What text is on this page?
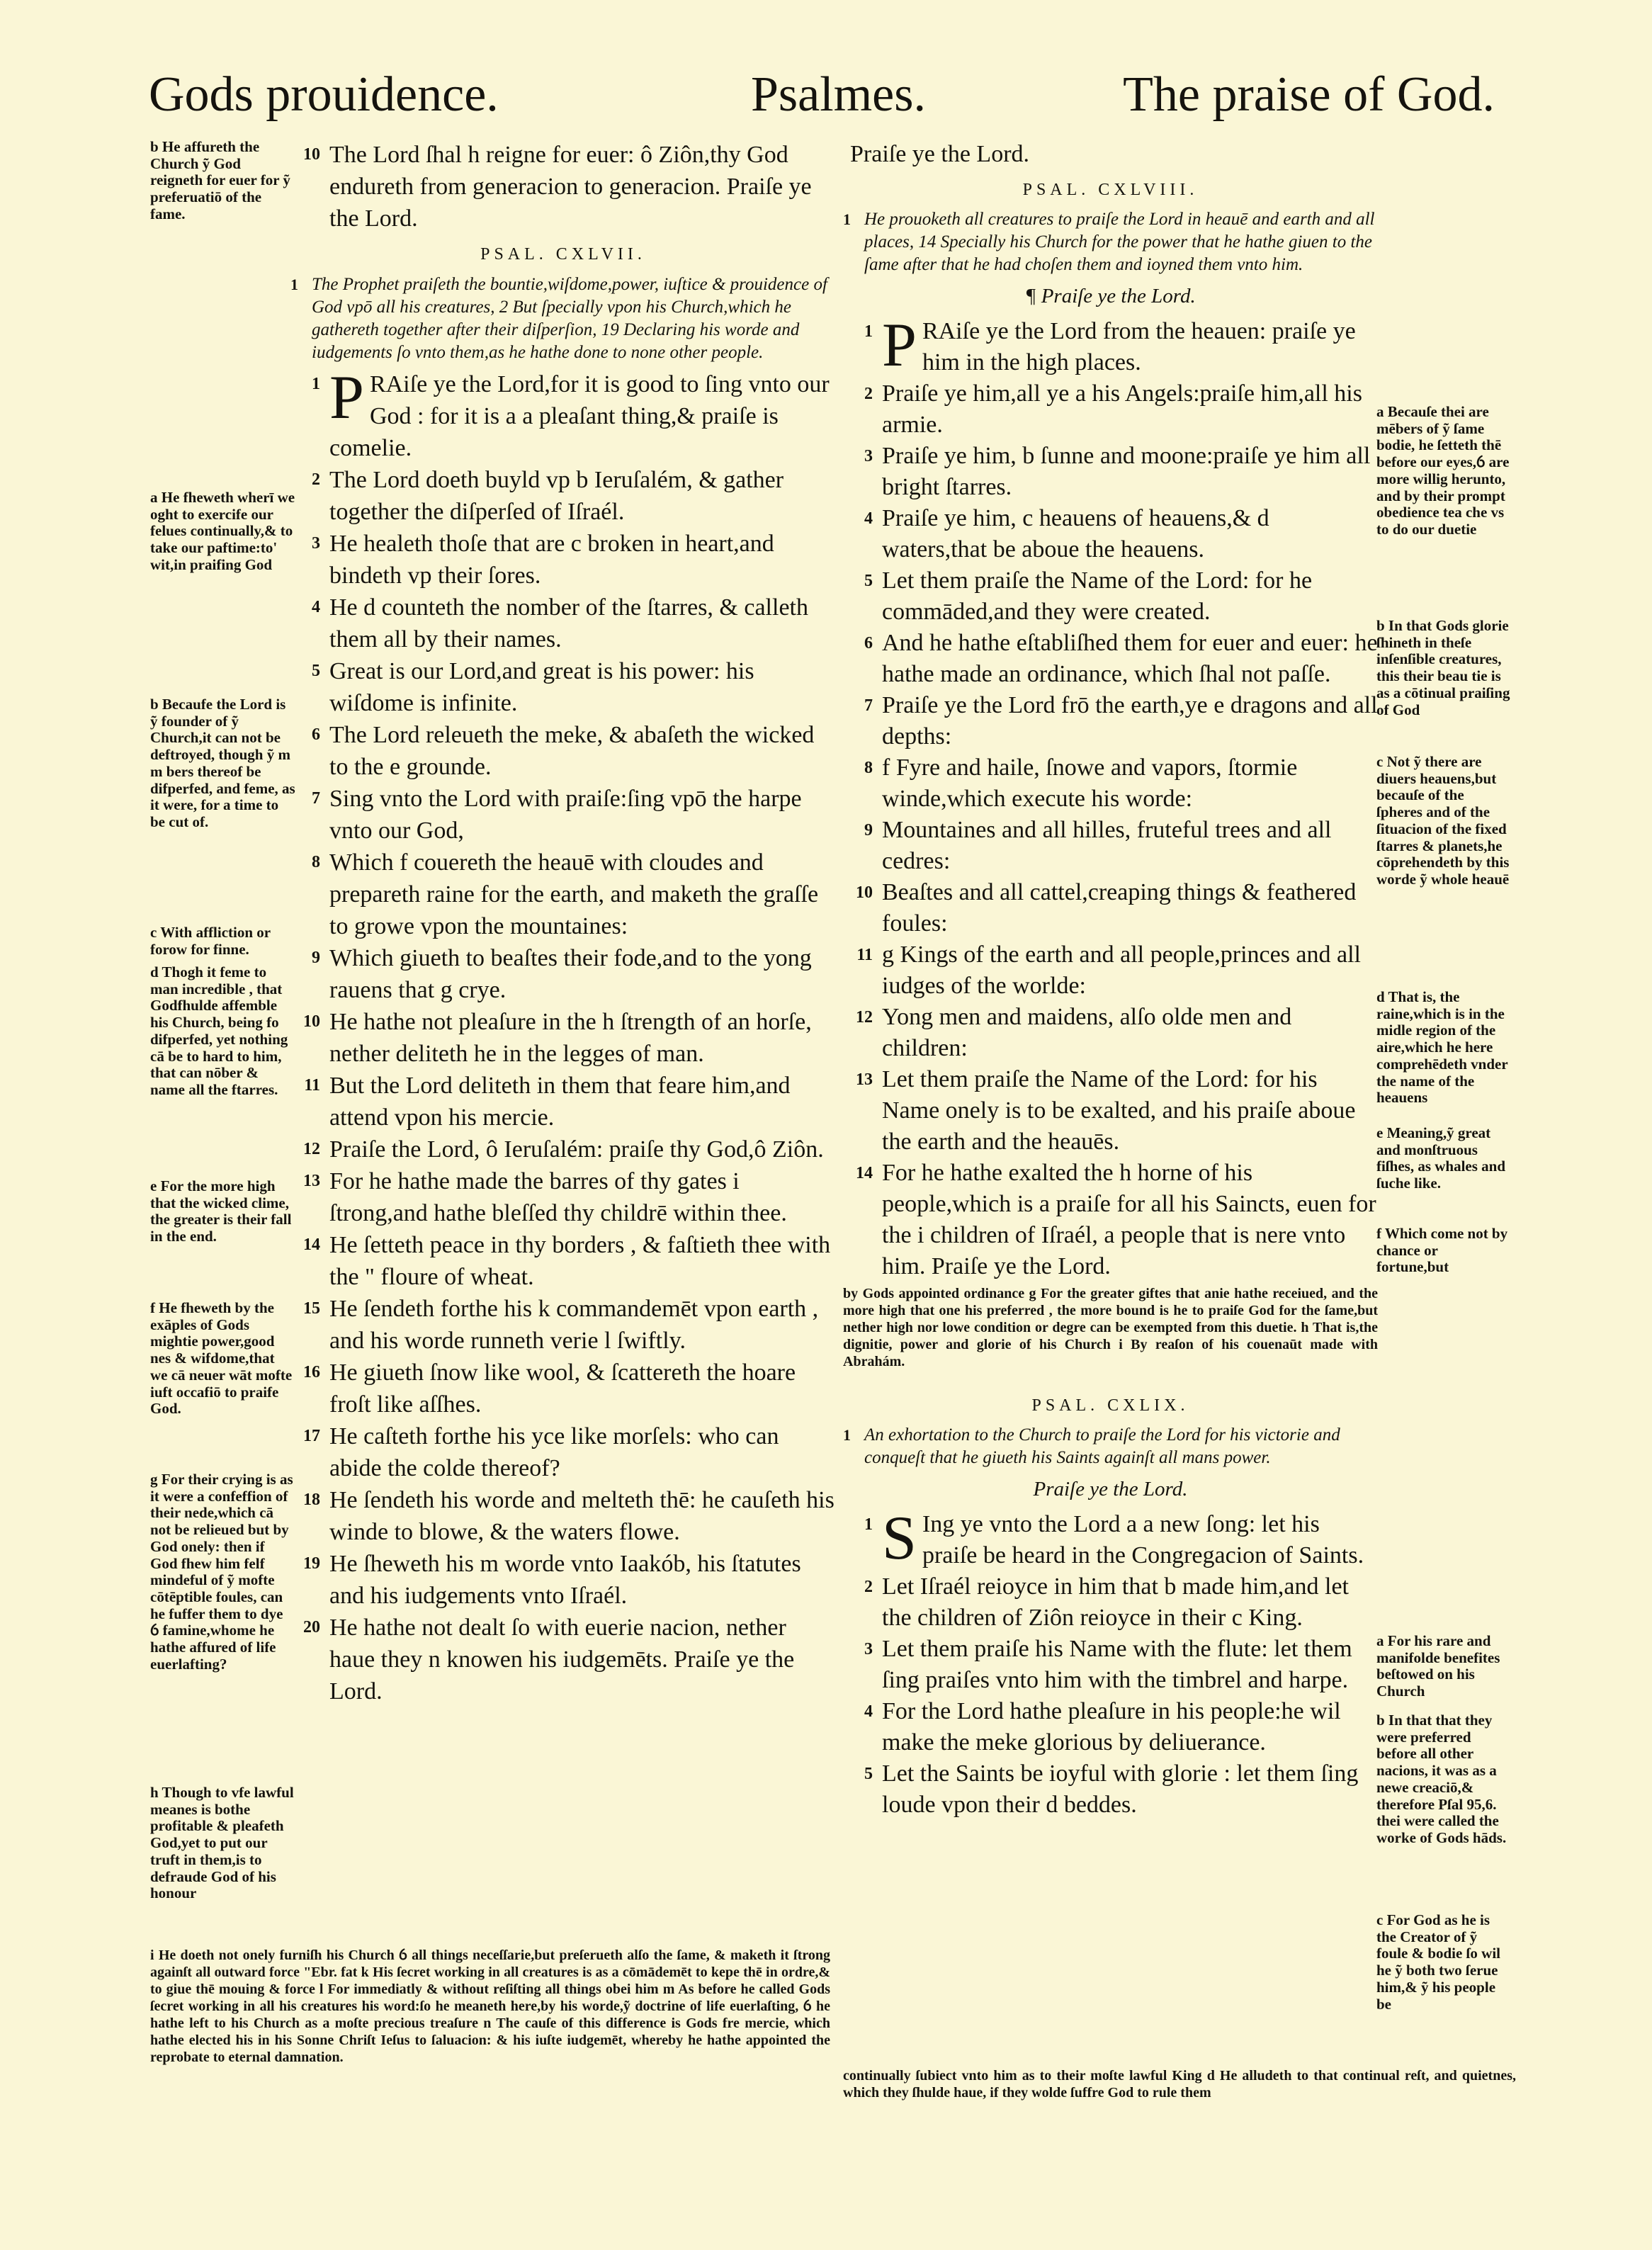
Gods prouidence.	Psalmes.	The praise of God.

b He affureth the Church ỹ God reigneth for euer for ỹ preferuatiō of the fame.

a He fheweth wherī we oght to exercife our felues continually,& to take our paftime:to' wit,in praifing God

b Becaufe the Lord is ỹ founder of ỹ Church,it can not be deftroyed, though ỹ m m bers thereof be difperfed, and feme, as it were, for a time to be cut of.

c With affliction or forow for finne.

d Thogh it feme to man incredible , that Godfhulde affemble his Church, being fo difperfed, yet nothing cā be to hard to him, that can nōber & name all the ftarres.

e For the more high that the wicked clime, the greater is their fall in the end.

f He fheweth by the exāples of Gods mightie power,good nes & wifdome,that we cā neuer wāt mofte iuft occafiō to praife God.

g For their crying is as it were a confeffion of their nede,which cā not be relieued but by God onely: then if God fhew him felf mindeful of ỹ mofte cōtēptible foules, can he fuffer them to dye ỽ famine,whome he hathe affured of life euerlafting?

h Though to vfe lawful meanes is bothe profitable & pleafeth God,yet to put our truft in them,is to defraude God of his honour

10 The Lord ſhal h reigne for euer: ô Ziôn,thy God endureth from generacion to generacion. Praiſe ye the Lord.

PSAL. CXLVII.
1 The Prophet praiſeth the bountie,wiſdome,power, iuſtice & prouidence of God vpō all his creatures, 2 But ſpecially vpon his Church,which he gathereth together after their diſperſion, 19 Declaring his worde and iudgements ſo vnto them,as he hathe done to none other people.

1 P RAiſe ye the Lord,for it is good to ſing vnto our God : for it is a a pleaſant thing,& praiſe is comelie.

2 The Lord doeth buyld vp b Ieruſalém, & gather together the diſperſed of Iſraél.

3 He healeth thoſe that are c broken in heart,and bindeth vp their ſores.

4 He d counteth the nomber of the ſtarres, & calleth them all by their names.

5 Great is our Lord,and great is his power: his wiſdome is infinite.

6 The Lord releueth the meke, & abaſeth the wicked to the e grounde.

7 Sing vnto the Lord with praiſe:ſing vpō the harpe vnto our God,

8 Which f couereth the heauē with cloudes and prepareth raine for the earth, and maketh the graſſe to growe vpon the mountaines:

9 Which giueth to beaſtes their fode,and to the yong rauens that g crye.

10 He hathe not pleaſure in the h ſtrength of an horſe, nether deliteth he in the legges of man.

11 But the Lord deliteth in them that feare him,and attend vpon his mercie.

12 Praiſe the Lord, ô Ieruſalém: praiſe thy God,ô Ziôn.

13 For he hathe made the barres of thy gates i ſtrong,and hathe bleſſed thy childrē within thee.

14 He ſetteth peace in thy borders , & faſtieth thee with the " floure of wheat.

15 He ſendeth forthe his k commandemēt vpon earth , and his worde runneth verie l ſwiftly.

16 He giueth ſnow like wool, & ſcattereth the hoare froſt like aſſhes.

17 He caſteth forthe his yce like morſels: who can abide the colde thereof?

18 He ſendeth his worde and melteth thē: he cauſeth his winde to blowe, & the waters flowe.

19 He ſheweth his m worde vnto Iaakób, his ſtatutes and his iudgements vnto Iſraél.

20 He hathe not dealt ſo with euerie nacion, nether haue they n knowen his iudgemēts. Praiſe ye the Lord.

i He doeth not onely furniſh his Church ỽ all things neceſſarie,but preſerueth alſo the ſame, & maketh it ſtrong againſt all outward force "Ebr. fat k His ſecret working in all creatures is as a cōmādemēt to kepe thē in ordre,& to giue thē mouing & force l For immediatly & without reſiſting all things obei him m As before he called Gods ſecret working in all his creatures his word:ſo he meaneth here,by his worde,ỹ doctrine of life euerlaſting, ỽ he hathe left to his Church as a moſte precious treaſure n The cauſe of this difference is Gods fre mercie, which hathe elected his in his Sonne Chriſt Ieſus to ſaluacion: & his iuſte iudgemēt, whereby he hathe appointed the reprobate to eternal damnation.

Praiſe ye the Lord.

PSAL. CXLVIII.
1 He prouoketh all creatures to praiſe the Lord in heauē and earth and all places, 14 Specially his Church for the power that he hathe giuen to the ſame after that he had choſen them and ioyned them vnto him.
¶ Praiſe ye the Lord.

1 P RAiſe ye the Lord from the heauen: praiſe ye him in the high places.

2 Praiſe ye him,all ye a his Angels:praiſe him,all his armie.

3 Praiſe ye him, b ſunne and moone:praiſe ye him all bright ſtarres.

4 Praiſe ye him, c heauens of heauens,& d waters,that be aboue the heauens.

5 Let them praiſe the Name of the Lord: for he commāded,and they were created.

6 And he hathe eſtabliſhed them for euer and euer: he hathe made an ordinance, which ſhal not paſſe.

7 Praiſe ye the Lord frō the earth,ye e dragons and all depths:

8 f Fyre and haile, ſnowe and vapors, ſtormie winde,which execute his worde:

9 Mountaines and all hilles, fruteful trees and all cedres:

10 Beaſtes and all cattel,creaping things & feathered foules:

11 g Kings of the earth and all people,princes and all iudges of the worlde:

12 Yong men and maidens, alſo olde men and children:

13 Let them praiſe the Name of the Lord: for his Name onely is to be exalted, and his praiſe aboue the earth and the heauēs.

14 For he hathe exalted the h horne of his people,which is a praiſe for all his Saincts, euen for the i children of Iſraél, a people that is nere vnto him. Praiſe ye the Lord.

by Gods appointed ordinance g For the greater giftes that anie hathe receiued, and the more high that one his preferred , the more bound is he to praiſe God for the ſame,but nether high nor lowe condition or degre can be exempted from this duetie. h That is,the dignitie, power and glorie of his Church i By reaſon of his couenaūt made with Abrahám.
PSAL. CXLIX.
1 An exhortation to the Church to praiſe the Lord for his victorie and conqueſt that he giueth his Saints againſt all mans power.
Praiſe ye the Lord.

1 S Ing ye vnto the Lord a a new ſong: let his praiſe be heard in the Congregacion of Saints.

2 Let Iſraél reioyce in him that b made him,and let the children of Ziôn reioyce in their c King.

3 Let them praiſe his Name with the flute: let them ſing praiſes vnto him with the timbrel and harpe.

4 For the Lord hathe pleaſure in his people:he wil make the meke glorious by deliuerance.

5 Let the Saints be ioyful with glorie : let them ſing loude vpon their d beddes.

continually ſubiect vnto him as to their moſte lawful King d He alludeth to that continual reſt, and quietnes, which they ſhulde haue, if they wolde ſuffre God to rule them

a Becauſe thei are mēbers of ỹ ſame bodie, he ſetteth thē before our eyes,ỽ are more willig herunto, and by their prompt obedience tea che vs to do our duetie

b In that Gods glorie ſhineth in theſe inſenſible creatures, this their beau tie is as a cōtinual praiſing of God

c Not ỹ there are diuers heauens,but becauſe of the ſpheres and of the ſituacion of the fixed ſtarres & planets,he cōprehendeth by this worde ỹ whole heauē

d That is, the raine,which is in the midle region of the aire,which he here comprehēdeth vnder the name of the heauens

e Meaning,ỹ great and monſtruous fiſhes, as whales and ſuche like.

f Which come not by chance or fortune,but

a For his rare and manifolde benefites beſtowed on his Church

b In that that they were preferred before all other nacions, it was as a newe creaciō,& therefore Pſal 95,6. thei were called the worke of Gods hāds.

c For God as he is the Creator of ỹ foule & bodie ſo wil he ỹ both two ſerue him,& ỹ his people be
